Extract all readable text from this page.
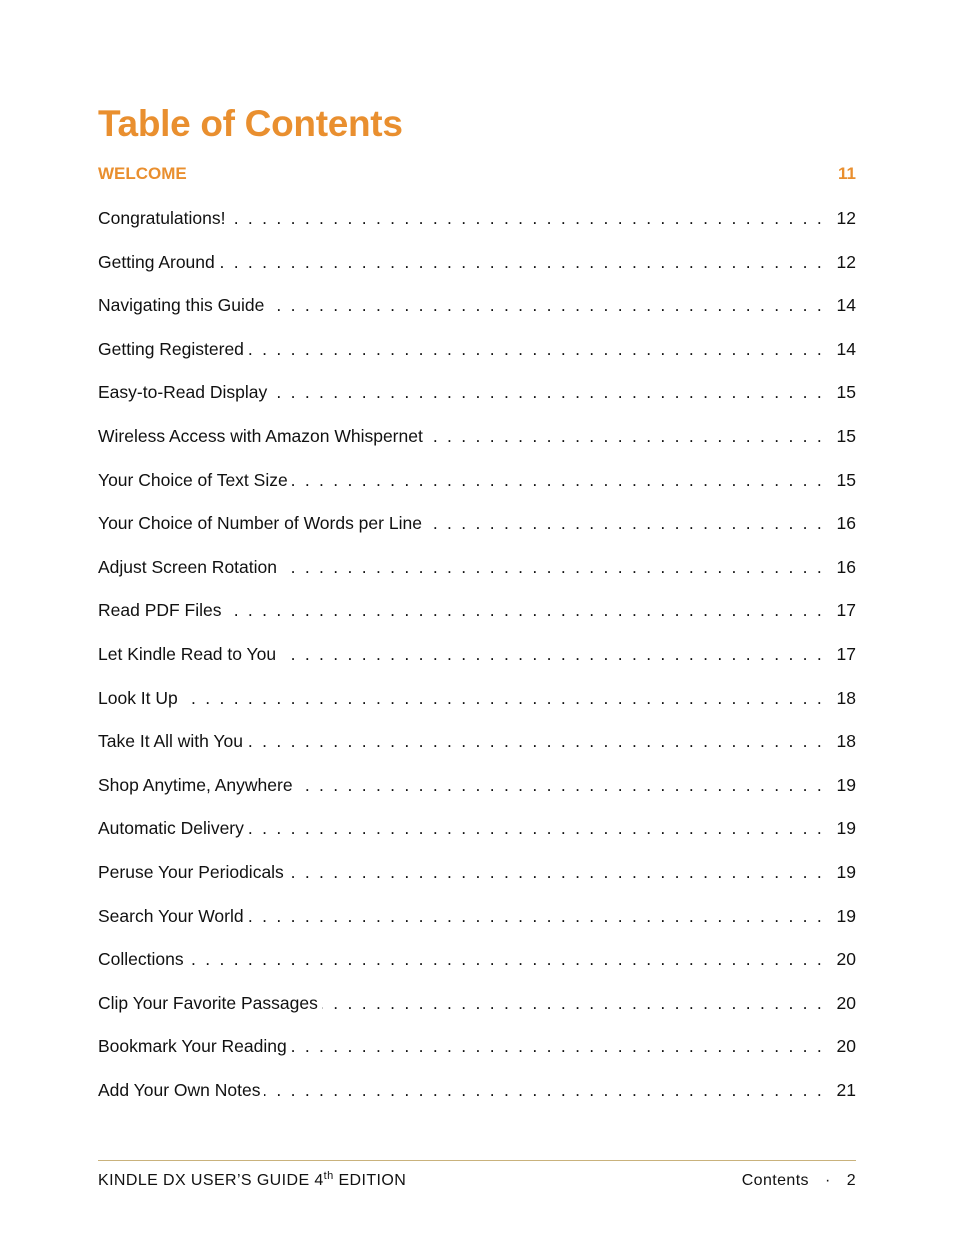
Table of Contents
WELCOME	11
Congratulations! . . .	12
Getting Around . . .	12
Navigating this Guide . . .	14
Getting Registered . . .	14
Easy-to-Read Display . . .	15
Wireless Access with Amazon Whispernet . . .	15
Your Choice of Text Size . . .	15
Your Choice of Number of Words per Line . . .	16
Adjust Screen Rotation . . .	16
Read PDF Files . . .	17
Let Kindle Read to You . . .	17
Look It Up . . .	18
Take It All with You . . .	18
Shop Anytime, Anywhere . . .	19
Automatic Delivery . . .	19
Peruse Your Periodicals . . .	19
Search Your World . . .	19
Collections . . .	20
Clip Your Favorite Passages . . .	20
Bookmark Your Reading . . .	20
Add Your Own Notes . . .	21
KINDLE DX USER’S GUIDE 4th EDITION	Contents · 2
